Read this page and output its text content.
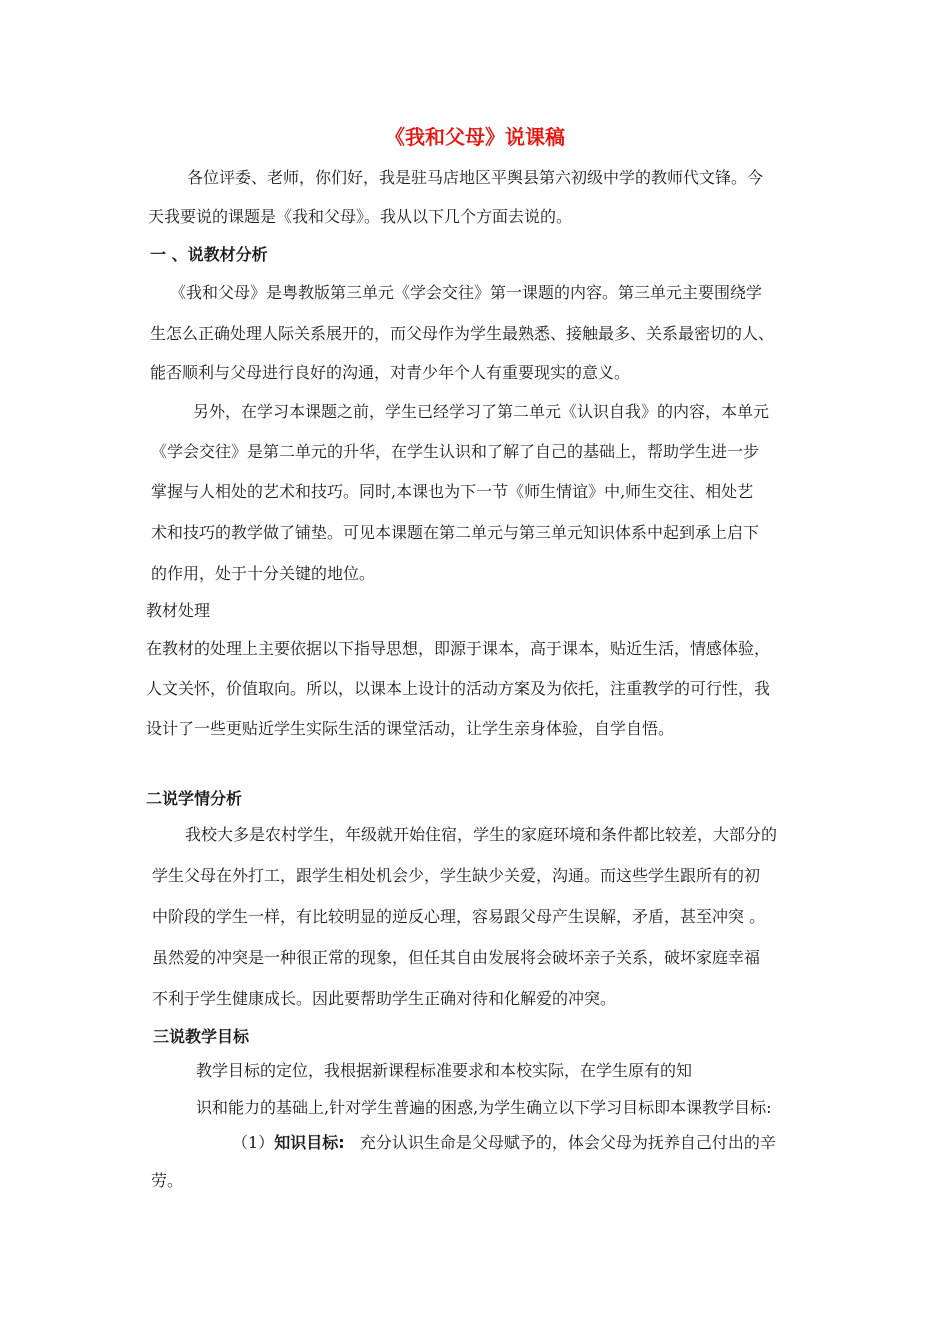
《我和父母》说课稿
各位评委、老师，你们好，我是驻马店地区平舆县第六初级中学的教师代文锋。今
天我要说的课题是《我和父母》。我从以下几个方面去说的。
一 、说教材分析
《我和父母》是粤教版第三单元《学会交往》第一课题的内容。第三单元主要围绕学
生怎么正确处理人际关系展开的，而父母作为学生最熟悉、接触最多、关系最密切的人、
能否顺利与父母进行良好的沟通，对青少年个人有重要现实的意义。
另外，在学习本课题之前，学生已经学习了第二单元《认识自我》的内容，本单元
《学会交往》是第二单元的升华，在学生认识和了解了自己的基础上，帮助学生进一步
掌握与人相处的艺术和技巧。同时,本课也为下一节《师生情谊》中,师生交往、相处艺
术和技巧的教学做了铺垫。可见本课题在第二单元与第三单元知识体系中起到承上启下
的作用，处于十分关键的地位。
教材处理
在教材的处理上主要依据以下指导思想，即源于课本，高于课本，贴近生活，情感体验，
人文关怀，价值取向。所以，以课本上设计的活动方案及为依托，注重教学的可行性，我
设计了一些更贴近学生实际生活的课堂活动，让学生亲身体验，自学自悟。
二说学情分析
我校大多是农村学生，年级就开始住宿，学生的家庭环境和条件都比较差，大部分的
学生父母在外打工，跟学生相处机会少，学生缺少关爱，沟通。而这些学生跟所有的初
中阶段的学生一样，有比较明显的逆反心理，容易跟父母产生误解，矛盾，甚至冲突 。
虽然爱的冲突是一种很正常的现象，但任其自由发展将会破坏亲子关系，破坏家庭幸福
不利于学生健康成长。因此要帮助学生正确对待和化解爱的冲突。
三说教学目标
教学目标的定位，我根据新课程标准要求和本校实际，在学生原有的知
识和能力的基础上,针对学生普遍的困惑,为学生确立以下学习目标即本课教学目标:
（1）知识目标: 充分认识生命是父母赋予的，体会父母为抚养自己付出的辛
劳。
